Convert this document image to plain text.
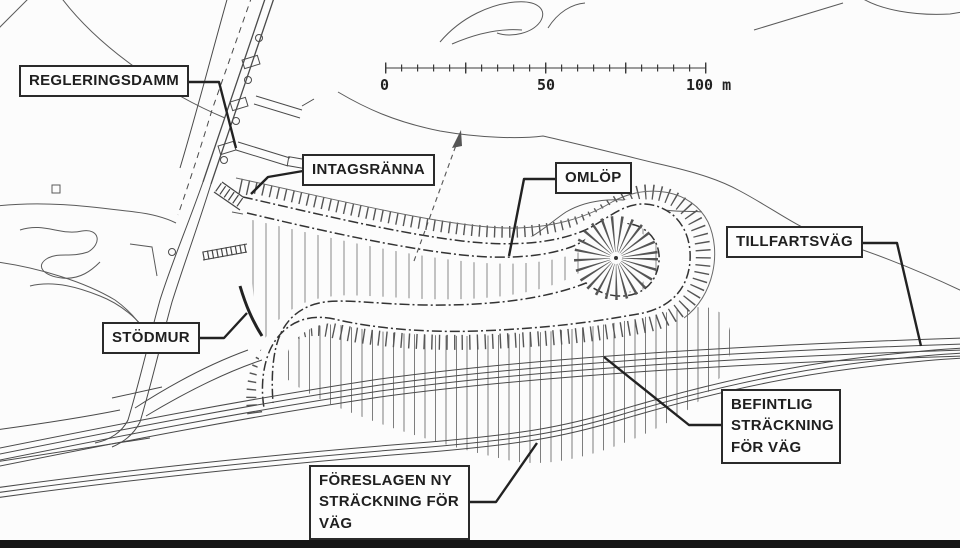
REGLERINGSDAMM
INTAGSRÄNNA	OMLÖP
TILLFARTSVÄG
STÖDMUR
BEFINTLIG STRÄCKNING FÖR VÄG
FÖRESLAGEN NY STRÄCKNING FÖR VÄG
0	50	100 m
